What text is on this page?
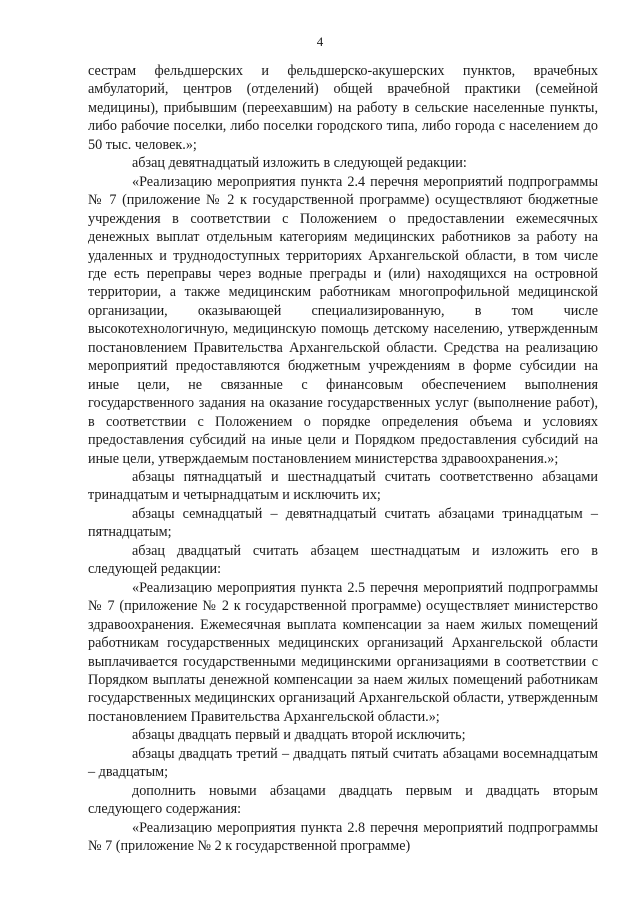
4

сестрам фельдшерских и фельдшерско-акушерских пунктов, врачебных амбулаторий, центров (отделений) общей врачебной практики (семейной медицины), прибывшим (переехавшим) на работу в сельские населенные пункты, либо рабочие поселки, либо поселки городского типа, либо города с населением до 50 тыс. человек.»;

абзац девятнадцатый изложить в следующей редакции:

«Реализацию мероприятия пункта 2.4 перечня мероприятий подпрограммы № 7 (приложение № 2 к государственной программе) осуществляют бюджетные учреждения в соответствии с Положением о предоставлении ежемесячных денежных выплат отдельным категориям медицинских работников за работу на удаленных и труднодоступных территориях Архангельской области, в том числе где есть переправы через водные преграды и (или) находящихся на островной территории, а также медицинским работникам многопрофильной медицинской организации, оказывающей специализированную, в том числе высокотехнологичную, медицинскую помощь детскому населению, утвержденным постановлением Правительства Архангельской области. Средства на реализацию мероприятий предоставляются бюджетным учреждениям в форме субсидии на иные цели, не связанные с финансовым обеспечением выполнения государственного задания на оказание государственных услуг (выполнение работ), в соответствии с Положением о порядке определения объема и условиях предоставления субсидий на иные цели и Порядком предоставления субсидий на иные цели, утверждаемым постановлением министерства здравоохранения.»;

абзацы пятнадцатый и шестнадцатый считать соответственно абзацами тринадцатым и четырнадцатым и исключить их;

абзацы семнадцатый – девятнадцатый считать абзацами тринадцатым – пятнадцатым;

абзац двадцатый считать абзацем шестнадцатым и изложить его в следующей редакции:

«Реализацию мероприятия пункта 2.5 перечня мероприятий подпрограммы № 7 (приложение № 2 к государственной программе) осуществляет министерство здравоохранения. Ежемесячная выплата компенсации за наем жилых помещений работникам государственных медицинских организаций Архангельской области выплачивается государственными медицинскими организациями в соответствии с Порядком выплаты денежной компенсации за наем жилых помещений работникам государственных медицинских организаций Архангельской области, утвержденным постановлением Правительства Архангельской области.»;

абзацы двадцать первый и двадцать второй исключить;

абзацы двадцать третий – двадцать пятый считать абзацами восемнадцатым – двадцатым;

дополнить новыми абзацами двадцать первым и двадцать вторым следующего содержания:

«Реализацию мероприятия пункта 2.8 перечня мероприятий подпрограммы № 7 (приложение № 2 к государственной программе)
